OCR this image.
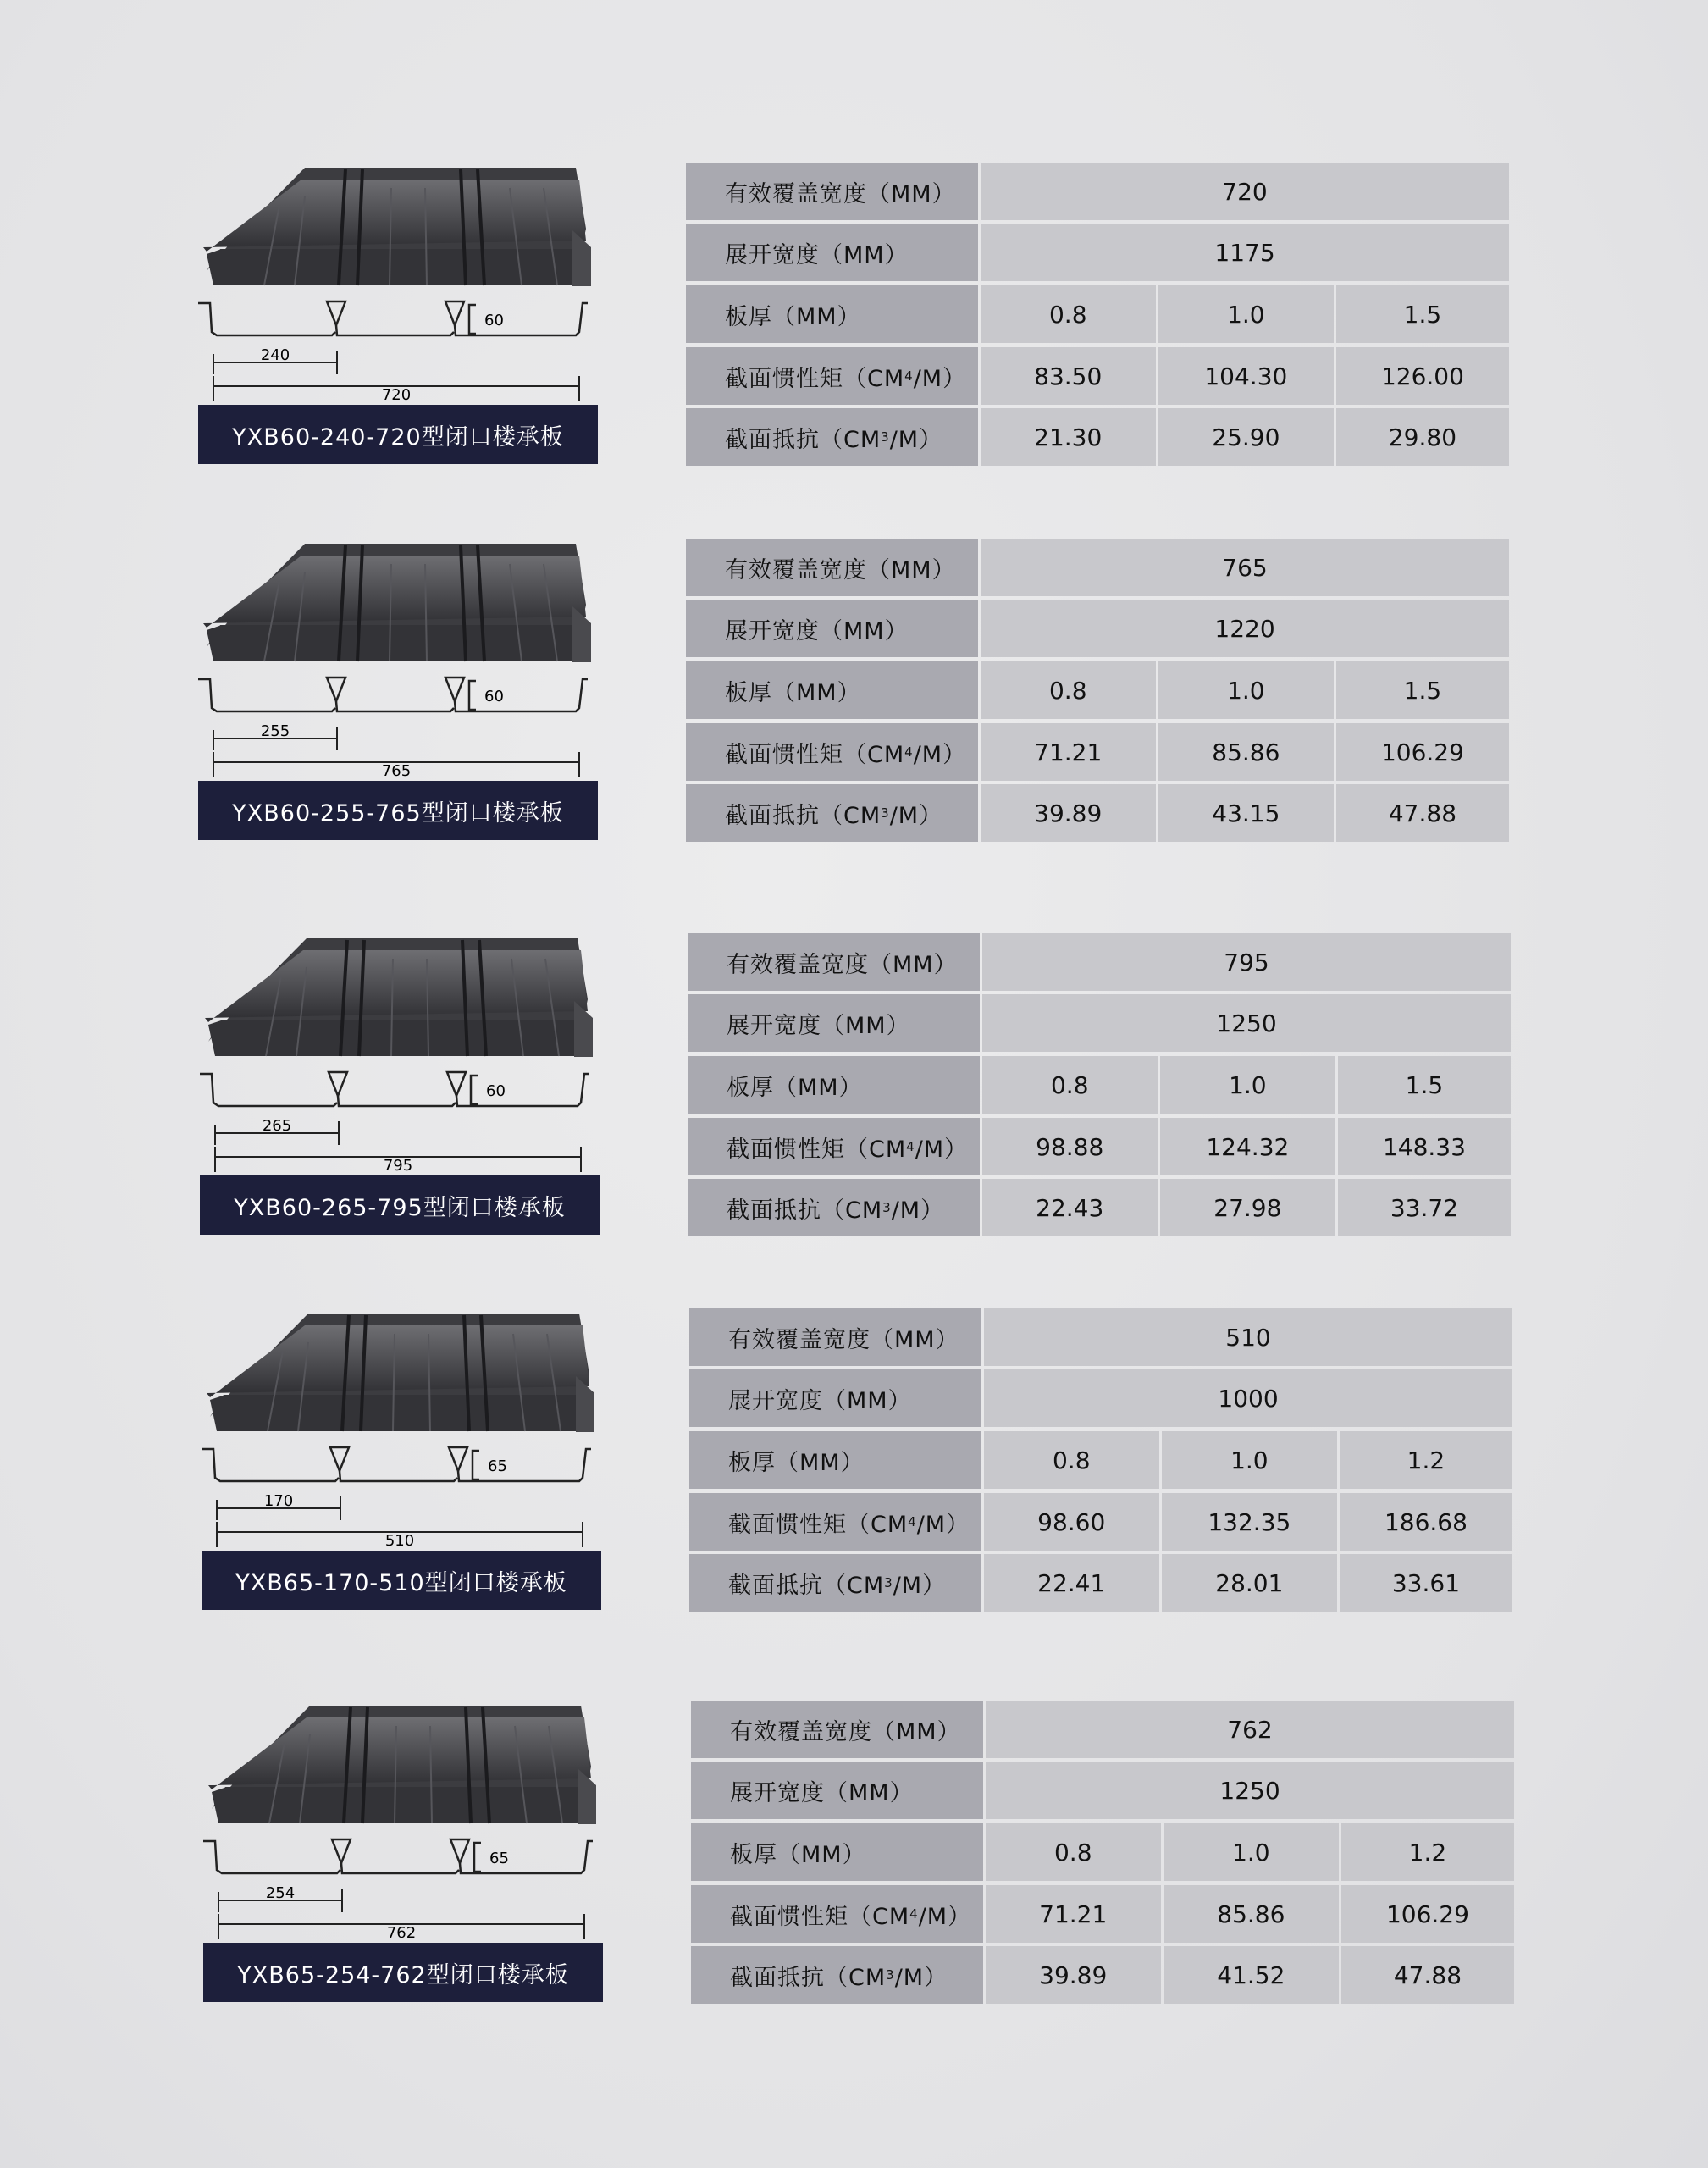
240
720
60
YXB60-240-720型闭口楼承板
有效覆盖宽度（MM）	720
展开宽度（MM）	1175
板厚（MM）	0.8	1.0	1.5
截面惯性矩（CM 4 /M）	83.50	104.30	126.00
截面抵抗（CM 3 /M）	21.30	25.90	29.80
255
765
60
YXB60-255-765型闭口楼承板
有效覆盖宽度（MM）	765
展开宽度（MM）	1220
板厚（MM）	0.8	1.0	1.5
截面惯性矩（CM 4 /M）	71.21	85.86	106.29
截面抵抗（CM 3 /M）	39.89	43.15	47.88
265
795
60
YXB60-265-795型闭口楼承板
有效覆盖宽度（MM）	795
展开宽度（MM）	1250
板厚（MM）	0.8	1.0	1.5
截面惯性矩（CM 4 /M）	98.88	124.32	148.33
截面抵抗（CM 3 /M）	22.43	27.98	33.72
170
510
65
YXB65-170-510型闭口楼承板
有效覆盖宽度（MM）	510
展开宽度（MM）	1000
板厚（MM）	0.8	1.0	1.2
截面惯性矩（CM 4 /M）	98.60	132.35	186.68
截面抵抗（CM 3 /M）	22.41	28.01	33.61
254
762
65
YXB65-254-762型闭口楼承板
有效覆盖宽度（MM）	762
展开宽度（MM）	1250
板厚（MM）	0.8	1.0	1.2
截面惯性矩（CM 4 /M）	71.21	85.86	106.29
截面抵抗（CM 3 /M）	39.89	41.52	47.88
